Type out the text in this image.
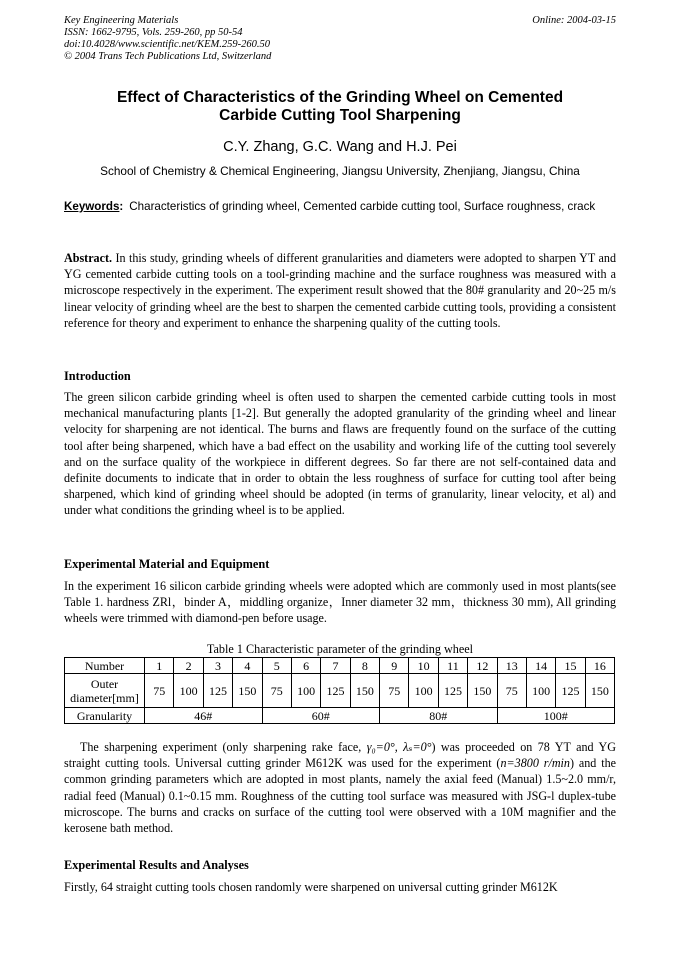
Key Engineering Materials
ISSN: 1662-9795, Vols. 259-260, pp 50-54
doi:10.4028/www.scientific.net/KEM.259-260.50
© 2004 Trans Tech Publications Ltd, Switzerland
Online: 2004-03-15
Effect of Characteristics of the Grinding Wheel on Cemented
Carbide Cutting Tool Sharpening
C.Y. Zhang, G.C. Wang and H.J. Pei
School of Chemistry & Chemical Engineering, Jiangsu University, Zhenjiang, Jiangsu, China
Keywords : Characteristics of grinding wheel, Cemented carbide cutting tool, Surface roughness, crack
Abstract. In this study, grinding wheels of different granularities and diameters were adopted to sharpen YT and YG cemented carbide cutting tools on a tool-grinding machine and the surface roughness was measured with a microscope respectively in the experiment. The experiment result showed that the 80# granularity and 20~25 m/s linear velocity of grinding wheel are the best to sharpen the cemented carbide cutting tools, providing a consistent reference for theory and experiment to enhance the sharpening quality of the cutting tools.
Introduction
The green silicon carbide grinding wheel is often used to sharpen the cemented carbide cutting tools in most mechanical manufacturing plants [1-2]. But generally the adopted granularity of the grinding wheel and linear velocity for sharpening are not identical. The burns and flaws are frequently found on the surface of the cutting tool after being sharpened, which have a bad effect on the usability and working life of the cutting tool severely and on the surface quality of the workpiece in different degrees. So far there are not self-contained data and definite documents to indicate that in order to obtain the less roughness of surface for cutting tool after being sharpened, which kind of grinding wheel should be adopted (in terms of granularity, linear velocity, et al) and under what conditions the grinding wheel is to be applied.
Experimental Material and Equipment
In the experiment 16 silicon carbide grinding wheels were adopted which are commonly used in most plants(see Table 1. hardness ZRl，binder A，middling organize，Inner diameter 32 mm，thickness 30 mm), All grinding wheels were trimmed with diamond-pen before usage.
Table 1 Characteristic parameter of the grinding wheel
Number	1	2	3	4	5	6	7	8	9	10	11	12	13	14	15	16
Outer diameter[mm]	75	100	125	150	75	100	125	150	75	100	125	150	75	100	125	150
Granularity	46#				60#				80#				100#			
The sharpening experiment (only sharpening rake face, γ₀=0°, λₛ=0°) was proceeded on 78 YT and YG straight cutting tools. Universal cutting grinder M612K was used for the experiment (n=3800 r/min) and the common grinding parameters which are adopted in most plants, namely the axial feed (Manual) 1.5~2.0 mm/r, radial feed (Manual) 0.1~0.15 mm. Roughness of the cutting tool surface was measured with JSG-l duplex-tube microscope. The burns and cracks on surface of the cutting tool were observed with a 10M magnifier and the kerosene bath method.
Experimental Results and Analyses
Firstly, 64 straight cutting tools chosen randomly were sharpened on universal cutting grinder M612K
